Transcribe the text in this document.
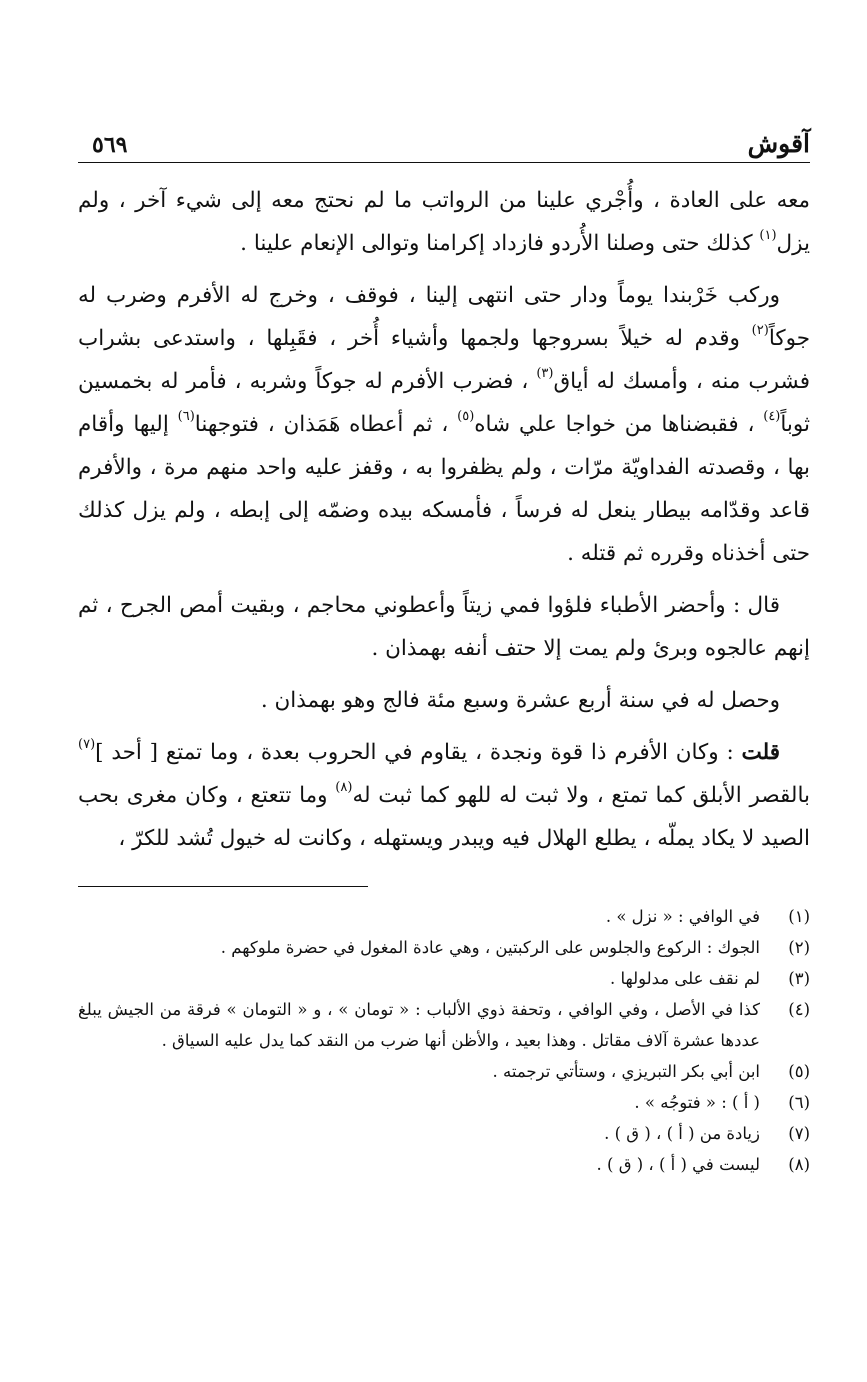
آقوش
٥٦٩

معه على العادة ، وأُجْري علينا من الرواتب ما لم نحتج معه إلى شيء آخر ، ولم يزل$^{(١)}$ كذلك حتى وصلنا الأُردو فازداد إكرامنا وتوالى الإنعام علينا .

وركب خَرْبندا يوماً ودار حتى انتهى إلينا ، فوقف ، وخرج له الأفرم وضرب له جوكاً$^{(٢)}$ وقدم له خيلاً بسروجها ولجمها وأشياء أُخر ، فقَبِلها ، واستدعى بشراب فشرب منه ، وأمسك له أياق$^{(٣)}$ ، فضرب الأفرم له جوكاً وشربه ، فأمر له بخمسين ثوباً$^{(٤)}$ ، فقبضناها من خواجا علي شاه$^{(٥)}$ ، ثم أعطاه هَمَذان ، فتوجهنا$^{(٦)}$ إليها وأقام بها ، وقصدته الفداويّة مرّات ، ولم يظفروا به ، وقفز عليه واحد منهم مرة ، والأفرم قاعد وقدّامه بيطار ينعل له فرساً ، فأمسكه بيده وضمّه إلى إبطه ، ولم يزل كذلك حتى أخذناه وقرره ثم قتله .

قال : وأحضر الأطباء فلؤوا فمي زيتاً وأعطوني محاجم ، وبقيت أمص الجرح ، ثم إنهم عالجوه وبرئ ولم يمت إلا حتف أنفه بهمذان .

وحصل له في سنة أربع عشرة وسبع مئة فالج وهو بهمذان .

قلت : وكان الأفرم ذا قوة ونجدة ، يقاوم في الحروب بعدة ، وما تمتع [ أحد ]$^{(٧)}$ بالقصر الأبلق كما تمتع ، ولا ثبت له للهو كما ثبت له$^{(٨)}$ وما تتعتع ، وكان مغرى بحب الصيد لا يكاد يملّه ، يطلع الهلال فيه ويبدر ويستهله ، وكانت له خيول تُشد للكرّ ،

(١)
في الوافي : « نزل » .
(٢)
الجوك : الركوع والجلوس على الركبتين ، وهي عادة المغول في حضرة ملوكهم .
(٣)
لم نقف على مدلولها .
(٤)
كذا في الأصل ، وفي الوافي ، وتحفة ذوي الألباب : « تومان » ، و « التومان » فرقة من الجيش يبلغ عددها عشرة آلاف مقاتل . وهذا بعيد ، والأظن أنها ضرب من النقد كما يدل عليه السياق .
(٥)
ابن أبي بكر التبريزي ، وستأتي ترجمته .
(٦)
( أ ) : « فتوجُه » .
(٧)
زيادة من ( أ ) ، ( ق ) .
(٨)
ليست في ( أ ) ، ( ق ) .
